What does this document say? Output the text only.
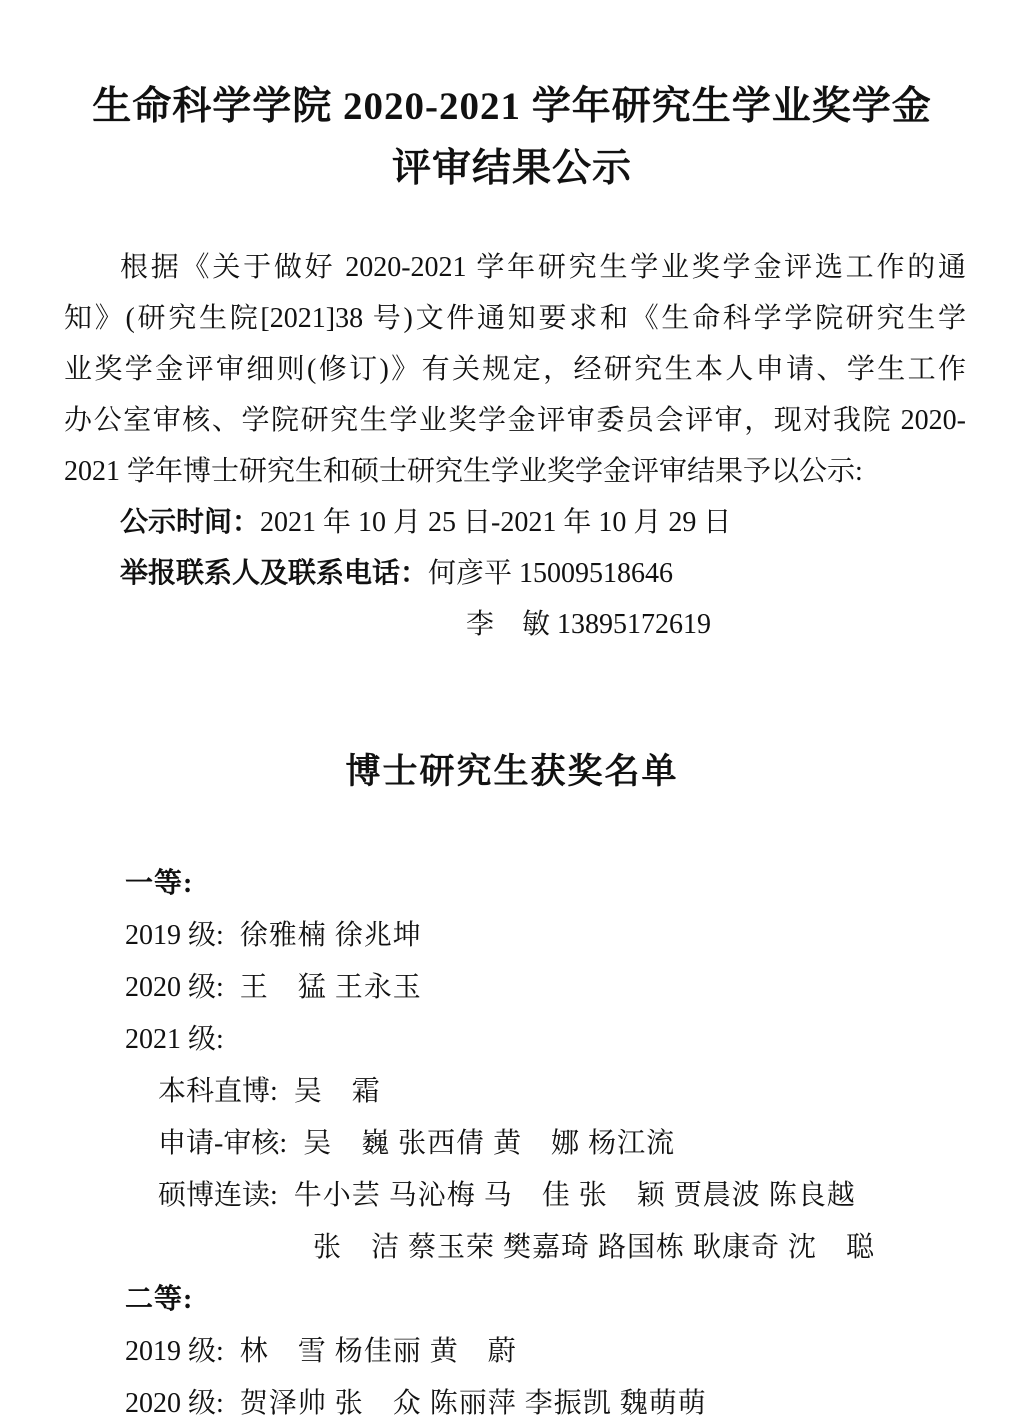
生命科学学院 2020-2021 学年研究生学业奖学金
评审结果公示
根据《关于做好 2020-2021 学年研究生学业奖学金评选工作的通
知》(研究生院[2021]38 号)文件通知要求和《生命科学学院研究生学
业奖学金评审细则(修订)》有关规定，经研究生本人申请、学生工作
办公室审核、学院研究生学业奖学金评审委员会评审，现对我院 2020-
2021 学年博士研究生和硕士研究生学业奖学金评审结果予以公示:
公示时间：2021 年 10 月 25 日-2021 年 10 月 29 日
举报联系人及联系电话：何彦平 15009518646
李　敏 13895172619
博士研究生获奖名单
一等:
2019 级: 徐雅楠 徐兆坤
2020 级: 王　猛 王永玉
2021 级:
本科直博: 吴　霜
申请-审核: 吴　巍 张西倩 黄　娜 杨江流
硕博连读: 牛小芸 马沁梅 马　佳 张　颖 贾晨波 陈良越
张　洁 蔡玉荣 樊嘉琦 路国栋 耿康奇 沈　聪
二等:
2019 级: 林　雪 杨佳丽 黄　蔚
2020 级: 贺泽帅 张　众 陈丽萍 李振凯 魏萌萌
